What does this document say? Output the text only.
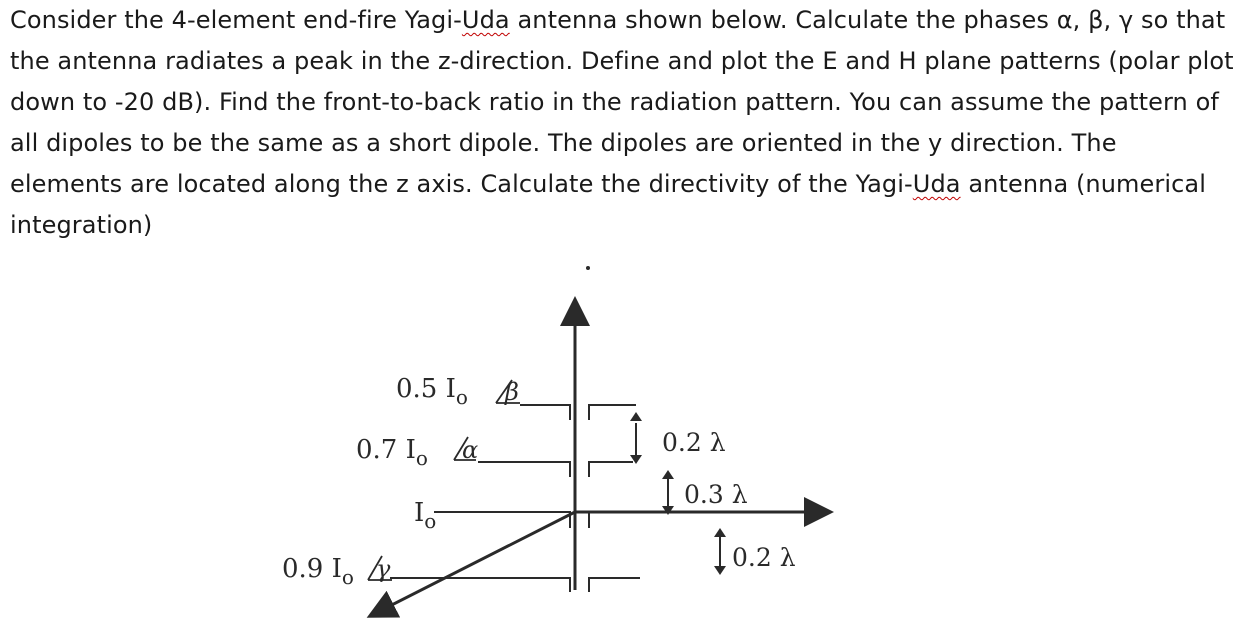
Consider the 4-element end-fire Yagi-Uda antenna shown below. Calculate the phases α, β, γ so that the antenna radiates a peak in the z-direction. Define and plot the E and H plane patterns (polar plot down to -20 dB). Find the front-to-back ratio in the radiation pattern. You can assume the pattern of all dipoles to be the same as a short dipole. The dipoles are oriented in the y direction. The elements are located along the z axis. Calculate the directivity of the Yagi-Uda antenna (numerical integration)

0.5 $I_o$ β
0.7 $I_o$ α
$I_o$
0.9 $I_o$ γ
0.2 λ
0.3 λ
0.2 λ
